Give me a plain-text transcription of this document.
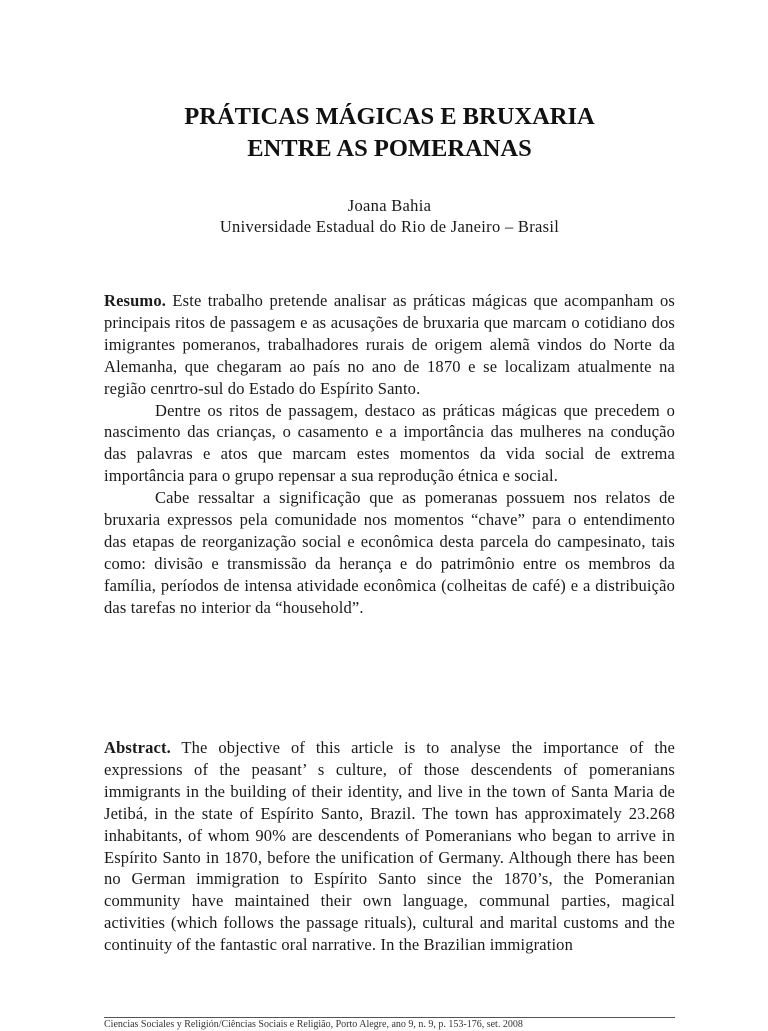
PRÁTICAS MÁGICAS E BRUXARIA
ENTRE AS POMERANAS
Joana Bahia
Universidade Estadual do Rio de Janeiro – Brasil

Resumo. Este trabalho pretende analisar as práticas mágicas que acompanham os principais ritos de passagem e as acusações de bruxaria que marcam o cotidiano dos imigrantes pomeranos, trabalhadores rurais de origem alemã vindos do Norte da Alemanha, que chegaram ao país no ano de 1870 e se localizam atualmente na região cenrtro-sul do Estado do Espírito Santo.

Dentre os ritos de passagem, destaco as práticas mágicas que precedem o nascimento das crianças, o casamento e a importância das mulheres na condução das palavras e atos que marcam estes momentos da vida social de extrema importância para o grupo repensar a sua reprodução étnica e social.

Cabe ressaltar a significação que as pomeranas possuem nos relatos de bruxaria expressos pela comunidade nos momentos “chave” para o entendimento das etapas de reorganização social e econômica desta parcela do campesinato, tais como: divisão e transmissão da herança e do patrimônio entre os membros da família, períodos de intensa atividade econômica (colheitas de café) e a distribuição das tarefas no interior da “household”.

Abstract. The objective of this article is to analyse the importance of the expressions of the peasant’ s culture, of those descendents of pomeranians immigrants in the building of their identity, and live in the town of Santa Maria de Jetibá, in the state of Espírito Santo, Brazil. The town has approximately 23.268 inhabitants, of whom 90% are descendents of Pomeranians who began to arrive in Espírito Santo in 1870, before the unification of Germany. Although there has been no German immigration to Espírito Santo since the 1870’s, the Pomeranian community have maintained their own language, communal parties, magical activities (which follows the passage rituals), cultural and marital customs and the continuity of the fantastic oral narrative. In the Brazilian immigration

Ciencias Sociales y Religión/Ciências Sociais e Religião, Porto Alegre, ano 9, n. 9, p. 153-176, set. 2008
